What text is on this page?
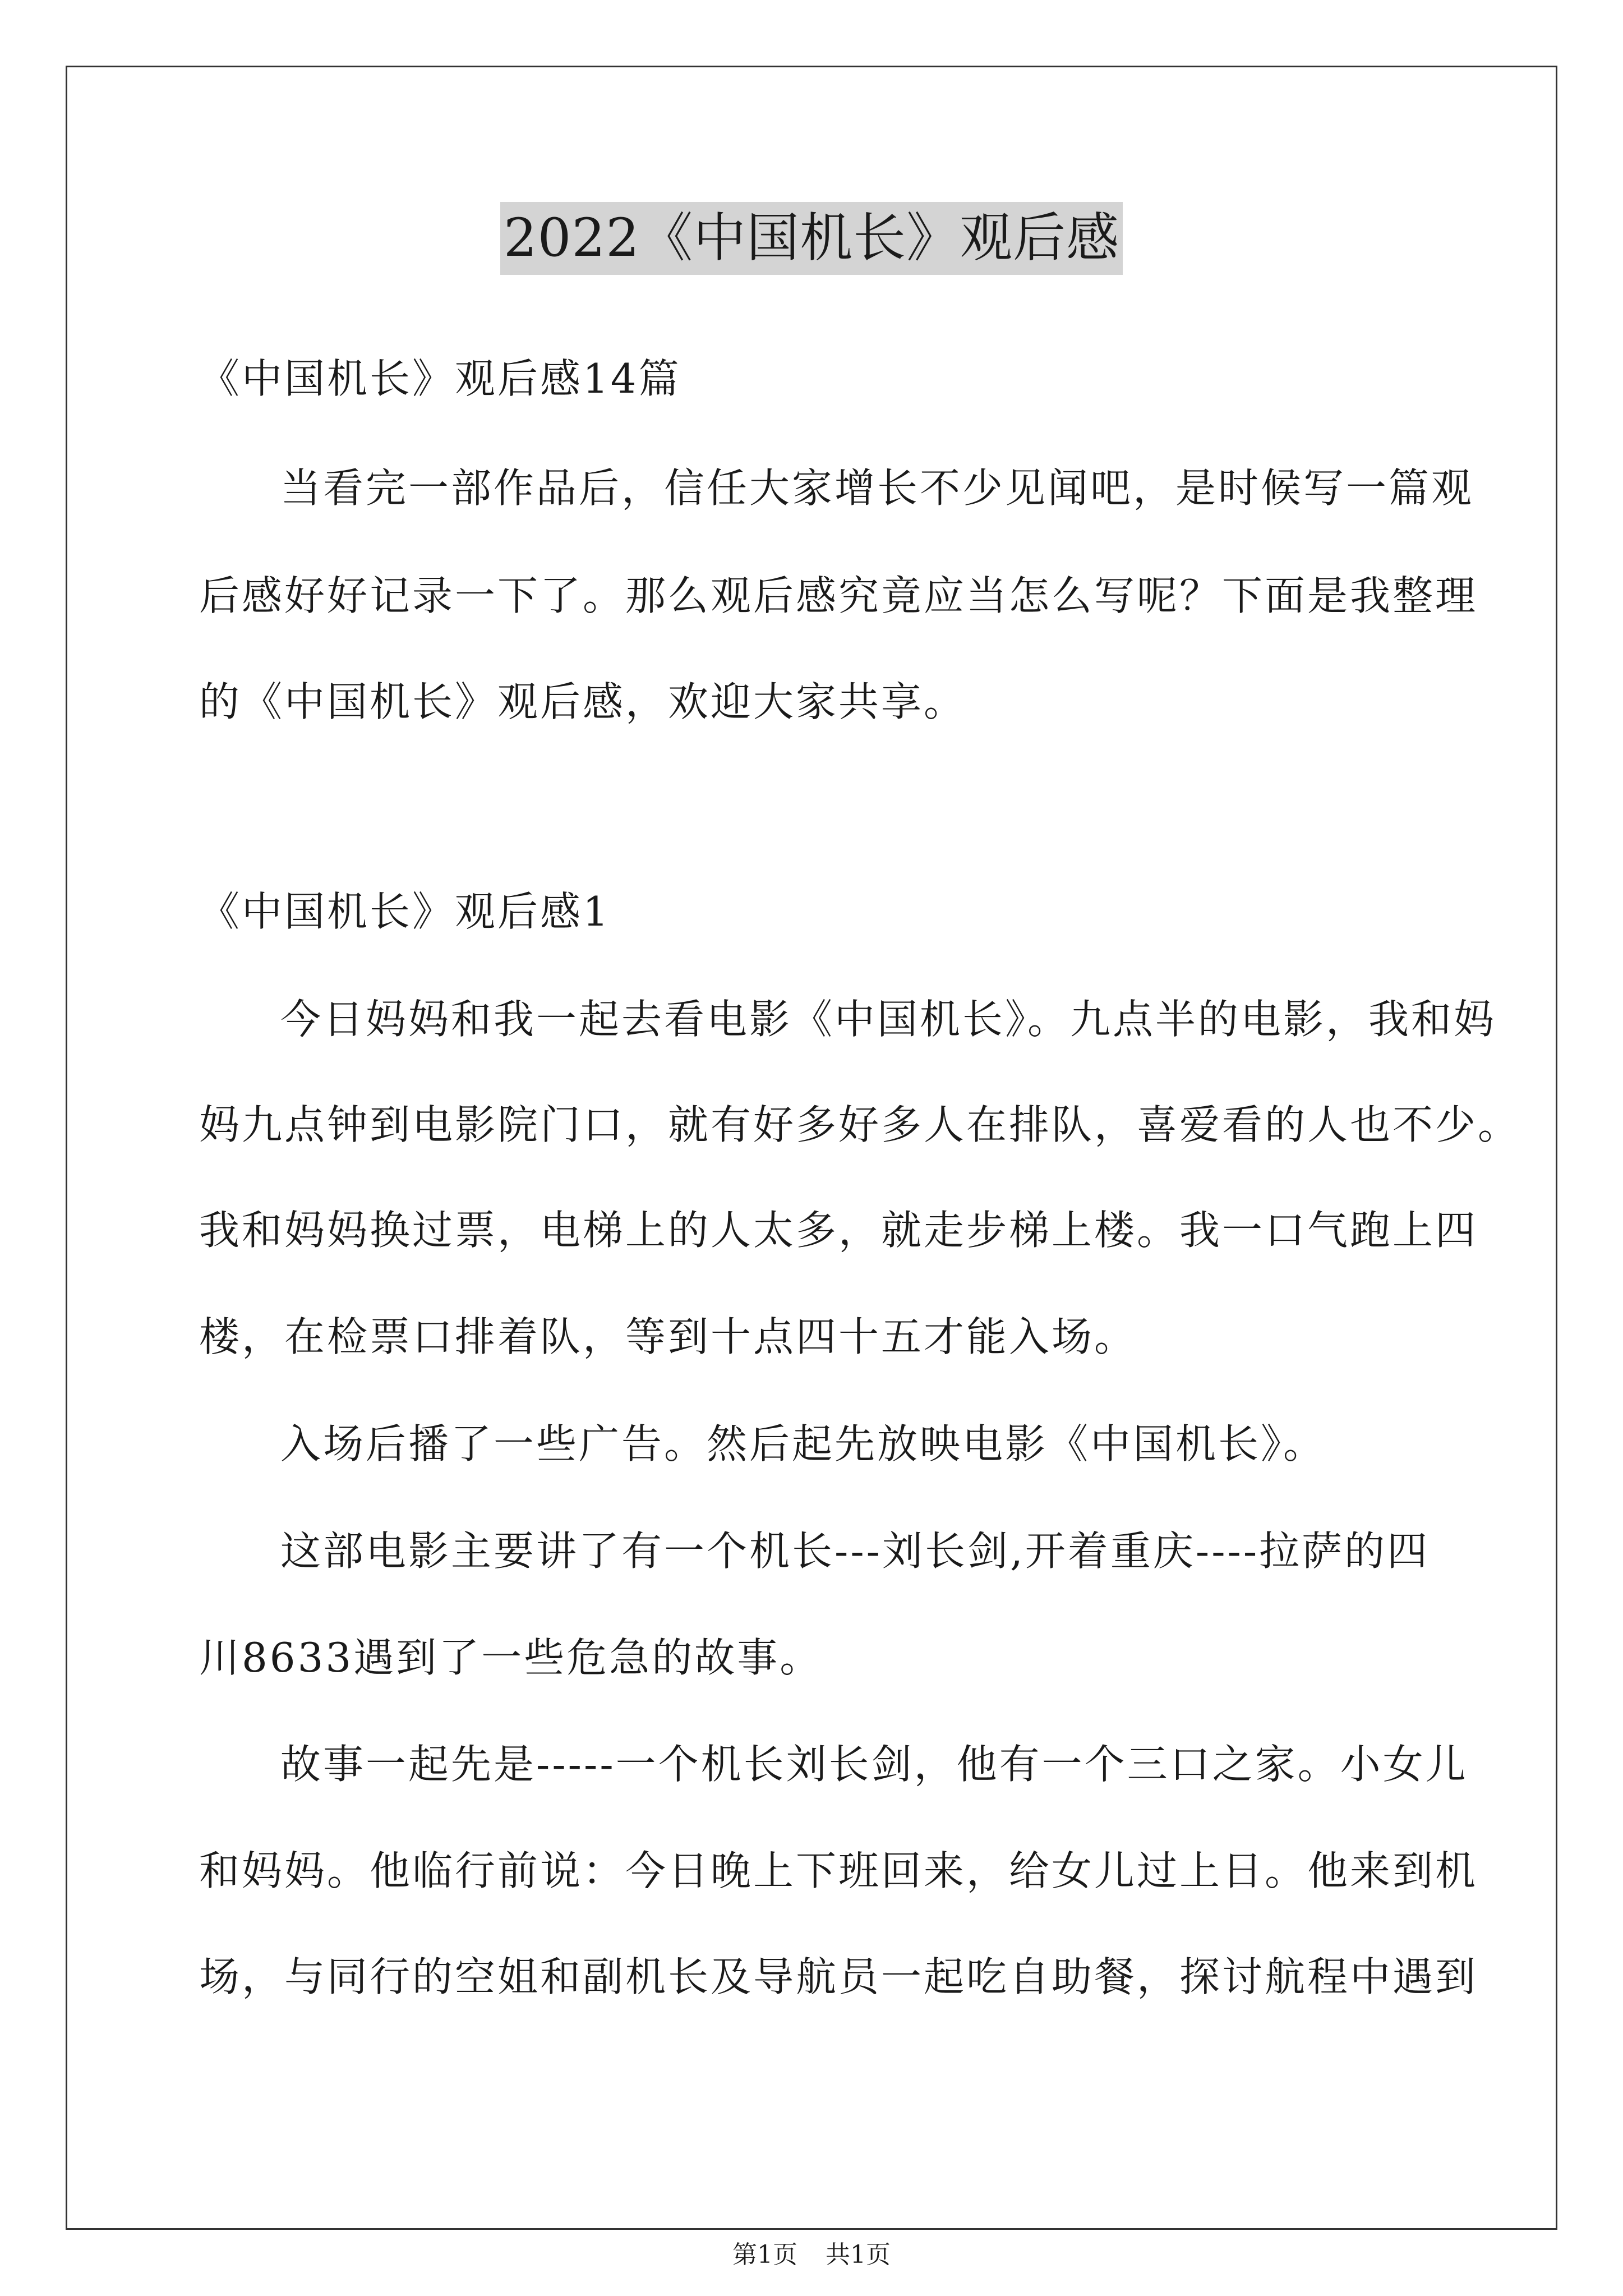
2022《中国机长》观后感
《中国机长》观后感14篇
当看完一部作品后，信任大家增长不少见闻吧，是时候写一篇观
后感好好记录一下了。那么观后感究竟应当怎么写呢？下面是我整理
的《中国机长》观后感，欢迎大家共享。
《中国机长》观后感1
今日妈妈和我一起去看电影《中国机长》。九点半的电影，我和妈
妈九点钟到电影院门口，就有好多好多人在排队，喜爱看的人也不少。
我和妈妈换过票，电梯上的人太多，就走步梯上楼。我一口气跑上四
楼，在检票口排着队，等到十点四十五才能入场。
入场后播了一些广告。然后起先放映电影《中国机长》。
这部电影主要讲了有一个机长---刘长剑,开着重庆----拉萨的四
川8633遇到了一些危急的故事。
故事一起先是-----一个机长刘长剑，他有一个三口之家。小女儿
和妈妈。他临行前说：今日晚上下班回来，给女儿过上日。他来到机
场，与同行的空姐和副机长及导航员一起吃自助餐，探讨航程中遇到
第1页 共1页
